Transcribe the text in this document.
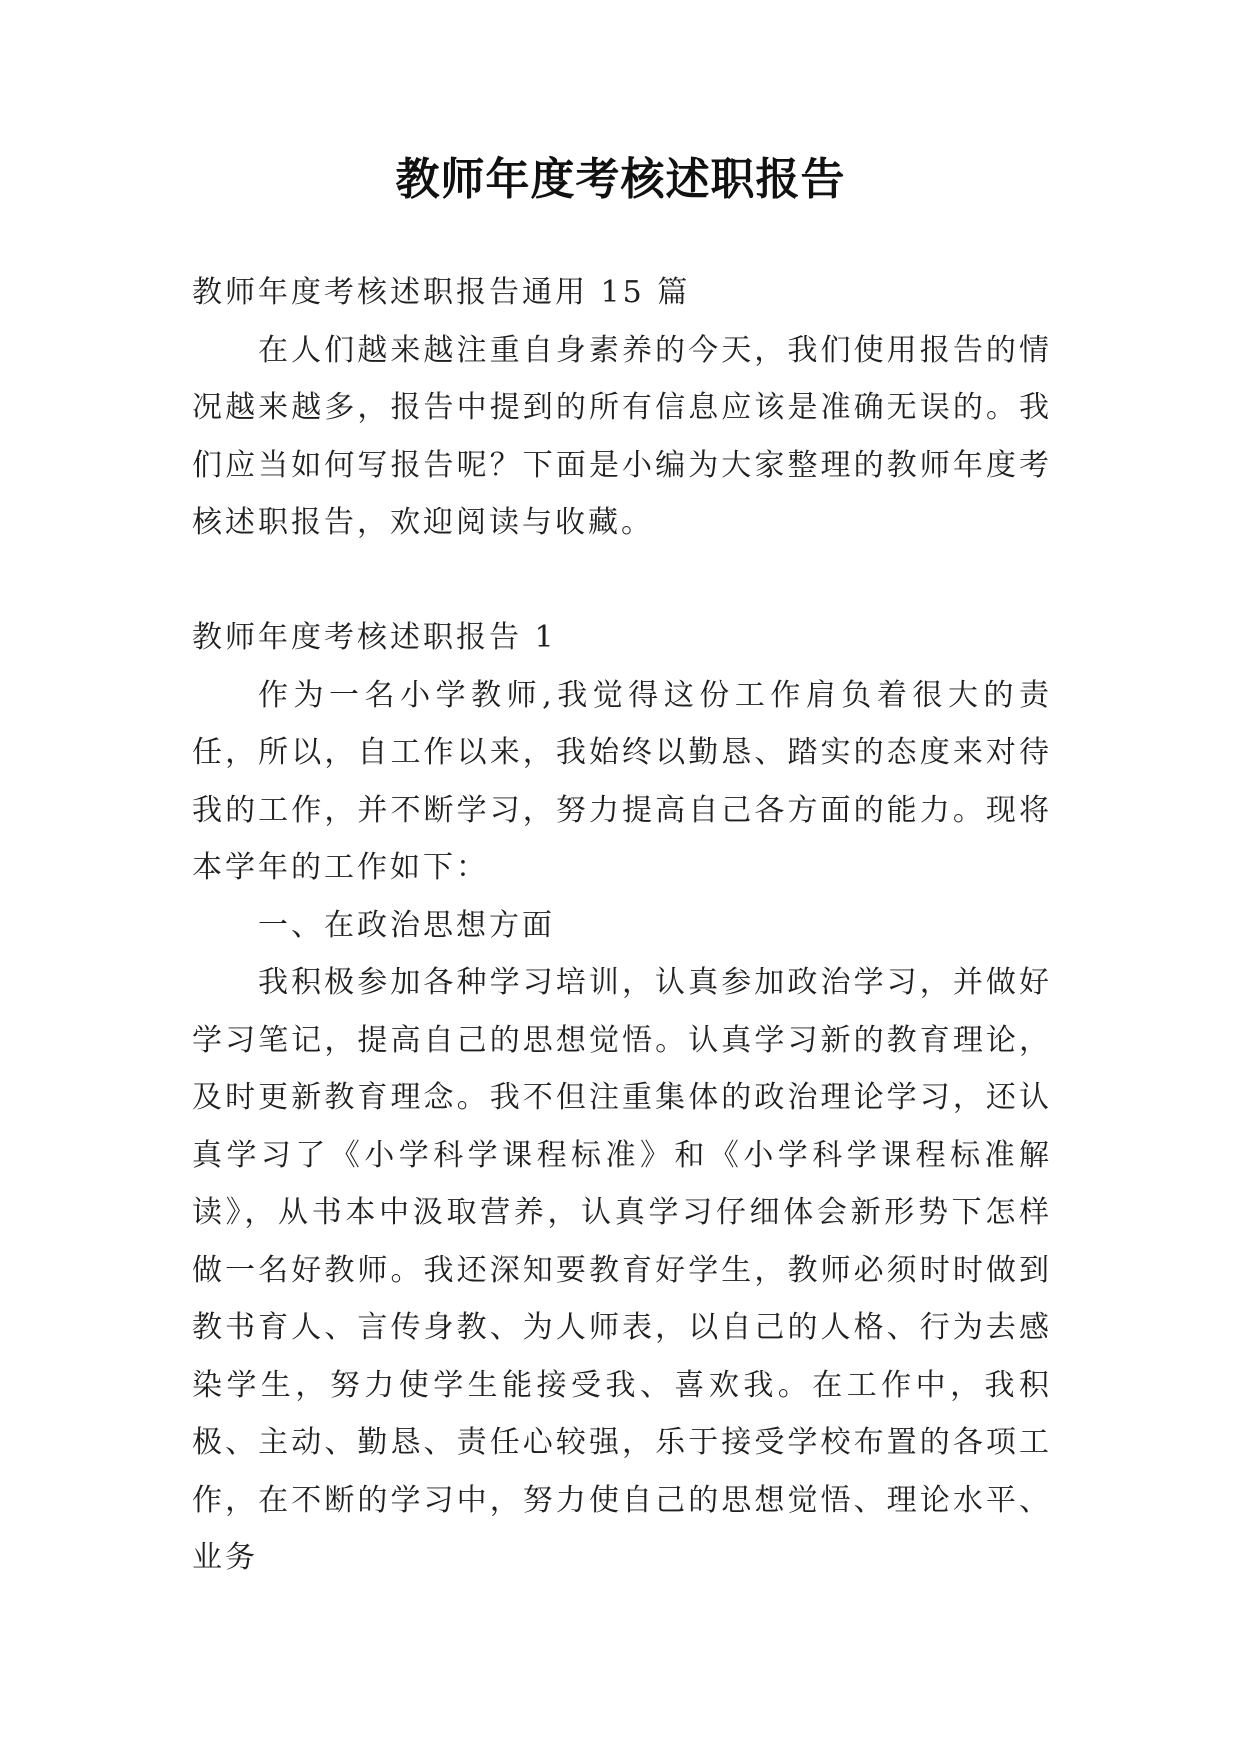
教师年度考核述职报告

教师年度考核述职报告通用 15 篇

在人们越来越注重自身素养的今天，我们使用报告的情况越来越多，报告中提到的所有信息应该是准确无误的。我们应当如何写报告呢？下面是小编为大家整理的教师年度考核述职报告，欢迎阅读与收藏。

教师年度考核述职报告 1

作为一名小学教师,我觉得这份工作肩负着很大的责任，所以，自工作以来，我始终以勤恳、踏实的态度来对待我的工作，并不断学习，努力提高自己各方面的能力。现将本学年的工作如下：

一、在政治思想方面

我积极参加各种学习培训，认真参加政治学习，并做好学习笔记，提高自己的思想觉悟。认真学习新的教育理论，及时更新教育理念。我不但注重集体的政治理论学习，还认真学习了《小学科学课程标准》和《小学科学课程标准解读》，从书本中汲取营养，认真学习仔细体会新形势下怎样做一名好教师。我还深知要教育好学生，教师必须时时做到教书育人、言传身教、为人师表，以自己的人格、行为去感染学生，努力使学生能接受我、喜欢我。在工作中，我积极、主动、勤恳、责任心较强，乐于接受学校布置的各项工作，在不断的学习中，努力使自己的思想觉悟、理论水平、业务
